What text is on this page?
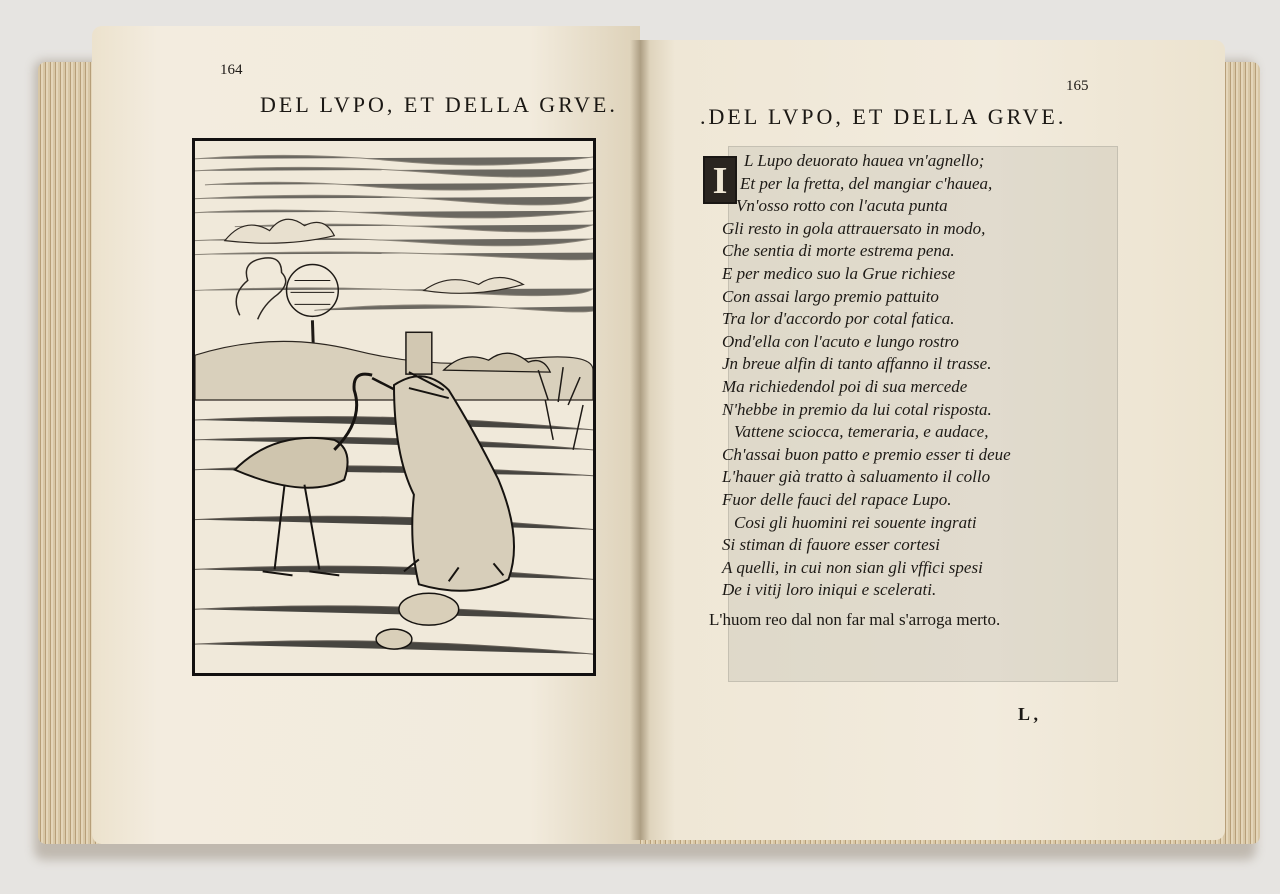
164
DEL LVPO, ET DELLA GRVE.
165
.DEL LVPO, ET DELLA GRVE.
I L Lupo deuorato hauea vn'agnello;
Et per la fretta, del mangiar c'hauea,
Vn'osso rotto con l'acuta punta
Gli resto in gola attrauersato in modo,
Che sentia di morte estrema pena.
E per medico suo la Grue richiese
Con assai largo premio pattuito
Tra lor d'accordo por cotal fatica.
Ond'ella con l'acuto e lungo rostro
Jn breue alfin di tanto affanno il trasse.
Ma richiedendol poi di sua mercede
N'hebbe in premio da lui cotal risposta.
Vattene sciocca, temeraria, e audace,
Ch'assai buon patto e premio esser ti deue
L'hauer già tratto à saluamento il collo
Fuor delle fauci del rapace Lupo.
Cosi gli huomini rei souente ingrati
Si stiman di fauore esser cortesi
A quelli, in cui non sian gli vffici spesi
De i vitij loro iniqui e scelerati.
L'huom reo dal non far mal s'arroga merto.
L ,
